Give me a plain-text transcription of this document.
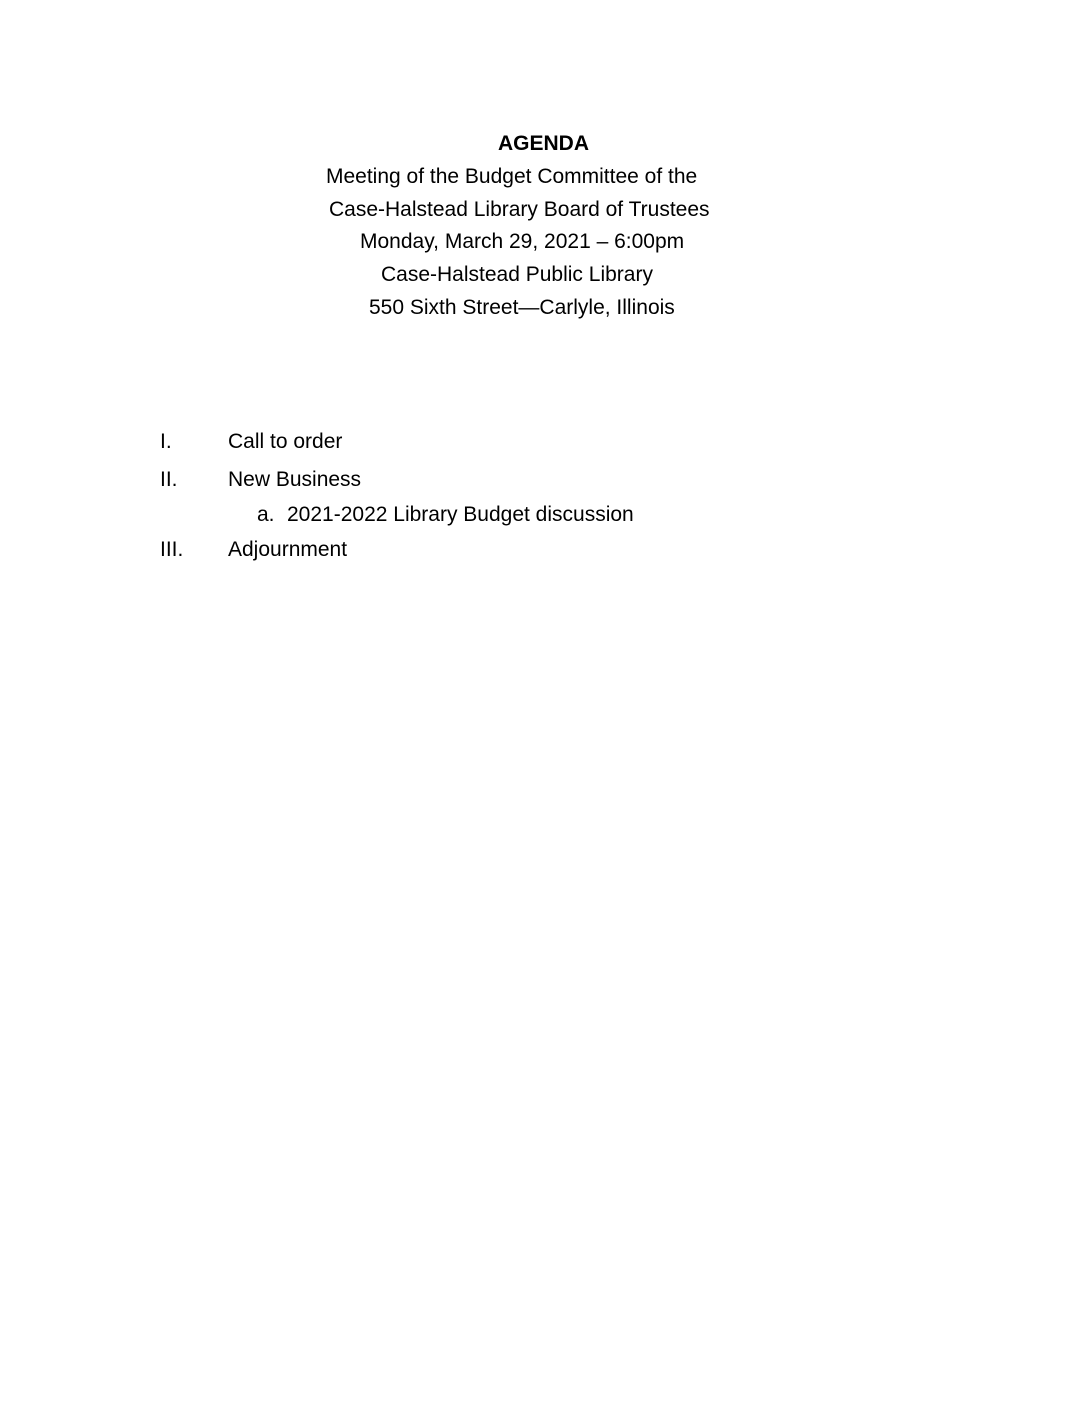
AGENDA
Meeting of the Budget Committee of the
Case-Halstead Library Board of Trustees
Monday, March 29, 2021 – 6:00pm
Case-Halstead Public Library
550 Sixth Street—Carlyle, Illinois
I.	Call to order
II. New Business
a. 2021-2022 Library Budget discussion
III. Adjournment
